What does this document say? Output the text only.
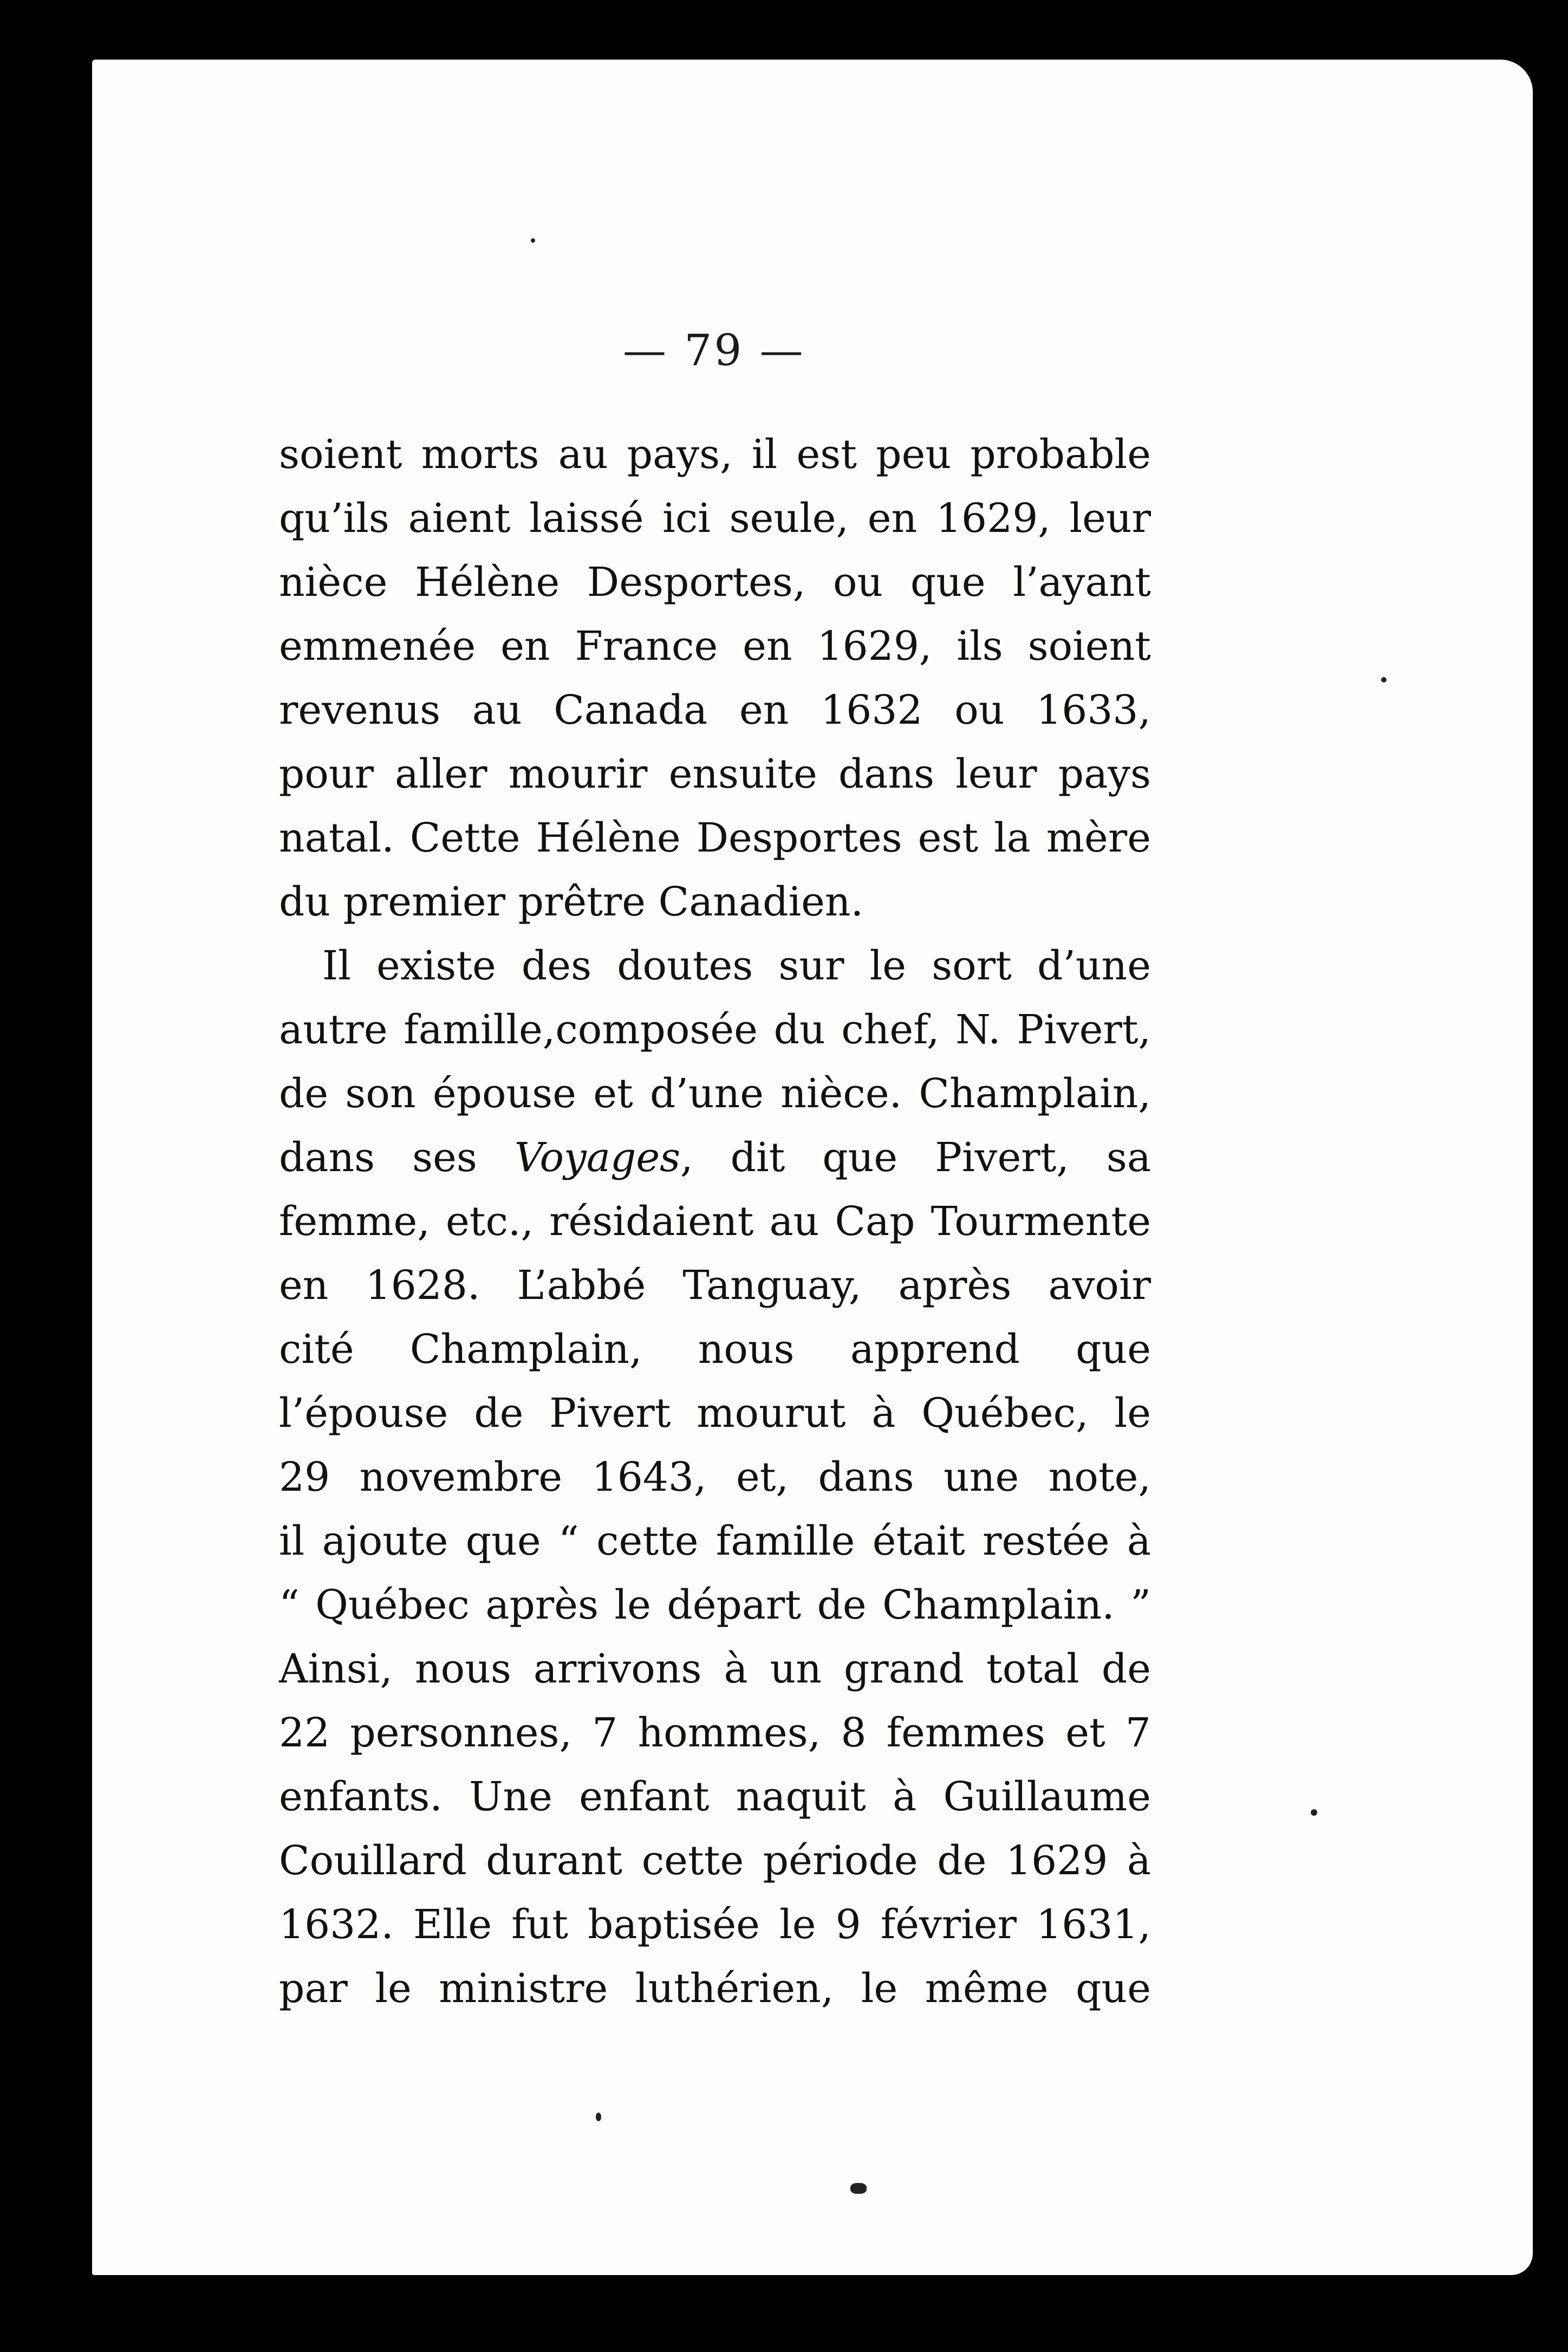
— 79 —
soient morts au pays, il est peu probable
qu’ils aient laissé ici seule, en 1629, leur
nièce Hélène Desportes, ou que l’ayant
emmenée en France en 1629, ils soient
revenus au Canada en 1632 ou 1633,
pour aller mourir ensuite dans leur pays
natal. Cette Hélène Desportes est la mère
du premier prêtre Canadien.
Il existe des doutes sur le sort d’une
autre famille,composée du chef, N. Pivert,
de son épouse et d’une nièce. Champlain,
dans ses Voyages, dit que Pivert, sa
femme, etc., résidaient au Cap Tourmente
en 1628. L’abbé Tanguay, après avoir
cité Champlain, nous apprend que
l’épouse de Pivert mourut à Québec, le
29 novembre 1643, et, dans une note,
il ajoute que “ cette famille était restée à
“ Québec après le départ de Champlain. ”
Ainsi, nous arrivons à un grand total de
22 personnes, 7 hommes, 8 femmes et 7
enfants. Une enfant naquit à Guillaume
Couillard durant cette période de 1629 à
1632. Elle fut baptisée le 9 février 1631,
par le ministre luthérien, le même que
